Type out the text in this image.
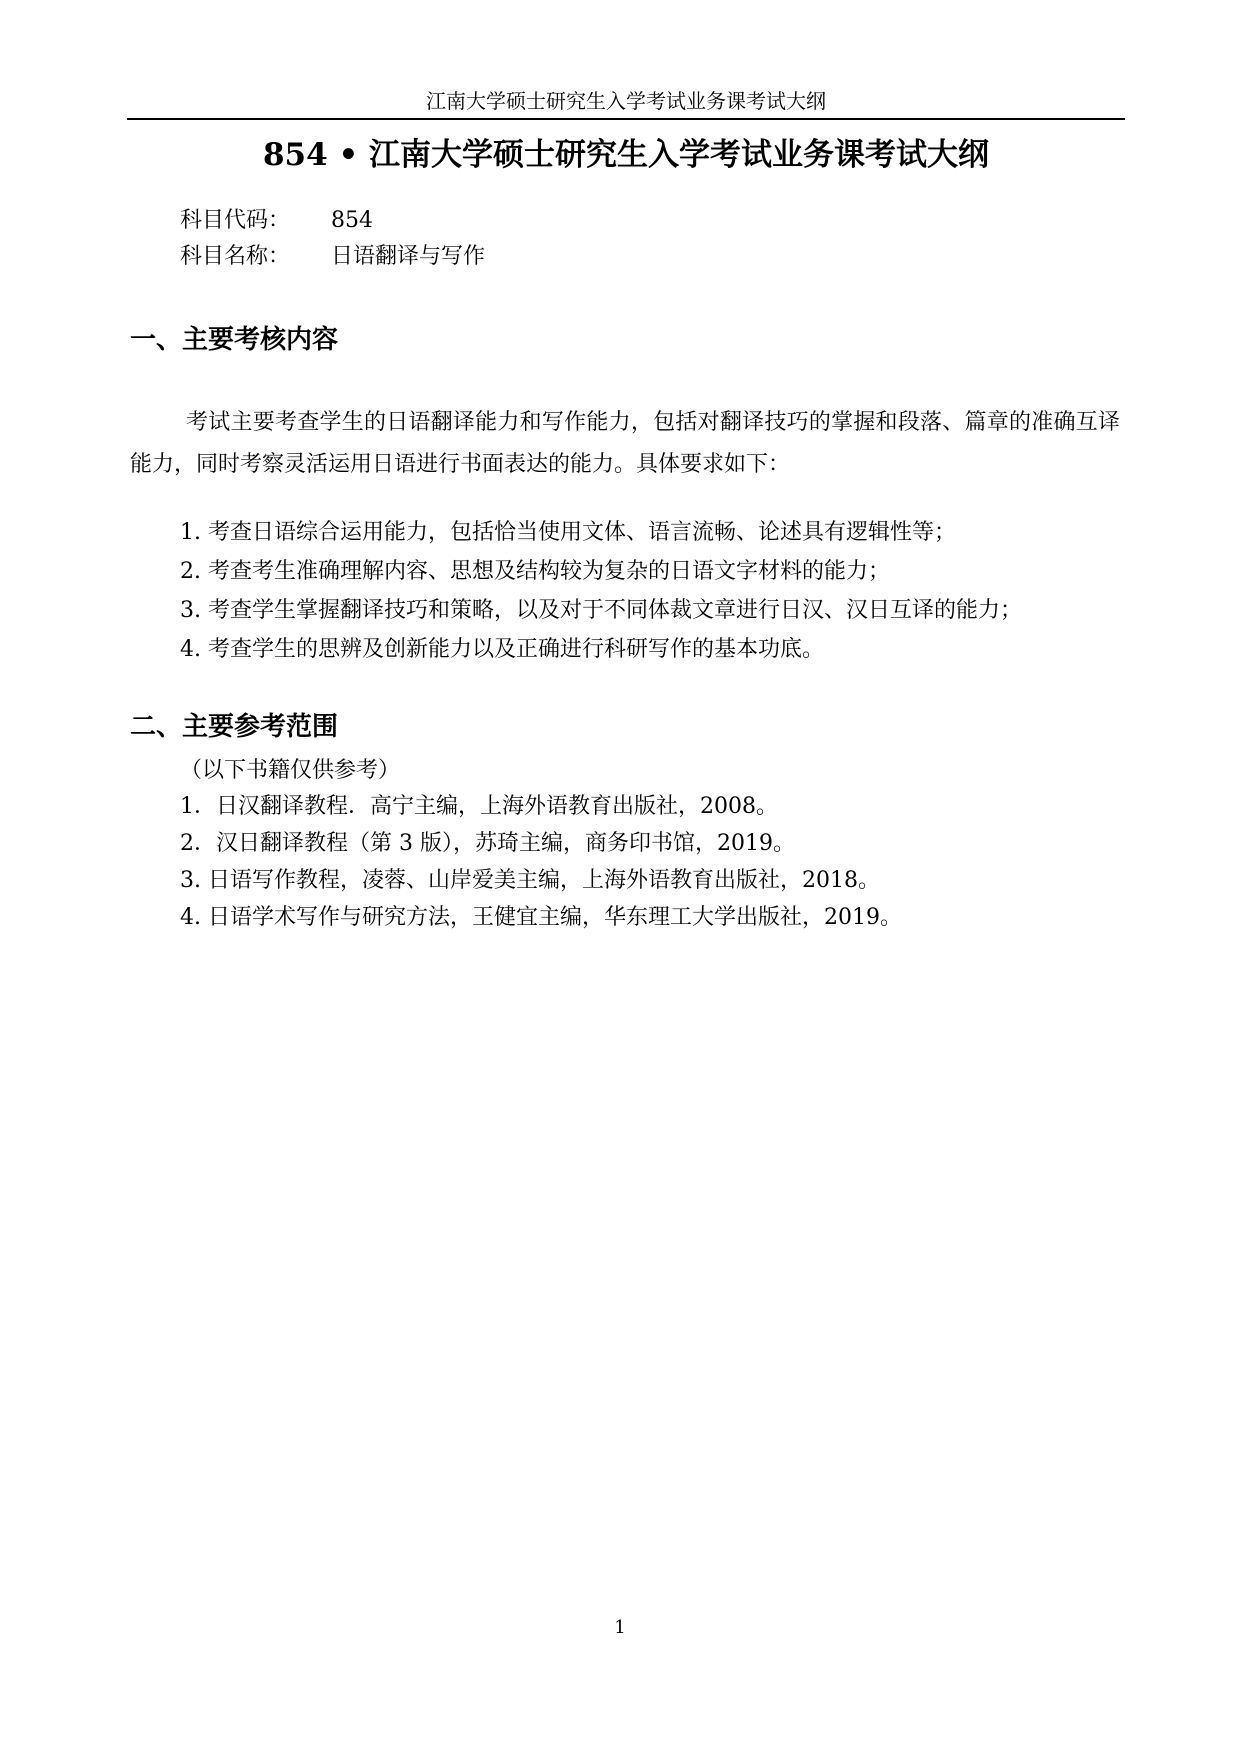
江南大学硕士研究生入学考试业务课考试大纲
854 • 江南大学硕士研究生入学考试业务课考试大纲
科目代码： 854
科目名称： 日语翻译与写作
一、主要考核内容

考试主要考查学生的日语翻译能力和写作能力，包括对翻译技巧的掌握和段落、篇章的准确互译能力，同时考察灵活运用日语进行书面表达的能力。具体要求如下：

1. 考查日语综合运用能力，包括恰当使用文体、语言流畅、论述具有逻辑性等；
2. 考查考生准确理解内容、思想及结构较为复杂的日语文字材料的能力；
3. 考查学生掌握翻译技巧和策略，以及对于不同体裁文章进行日汉、汉日互译的能力；
4. 考查学生的思辨及创新能力以及正确进行科研写作的基本功底。
二、主要参考范围
（以下书籍仅供参考）
1．日汉翻译教程．高宁主编，上海外语教育出版社，2008。
2．汉日翻译教程（第 3 版），苏琦主编，商务印书馆，2019。
3. 日语写作教程，凌蓉、山岸爱美主编，上海外语教育出版社，2018。
4. 日语学术写作与研究方法，王健宜主编，华东理工大学出版社，2019。
1
